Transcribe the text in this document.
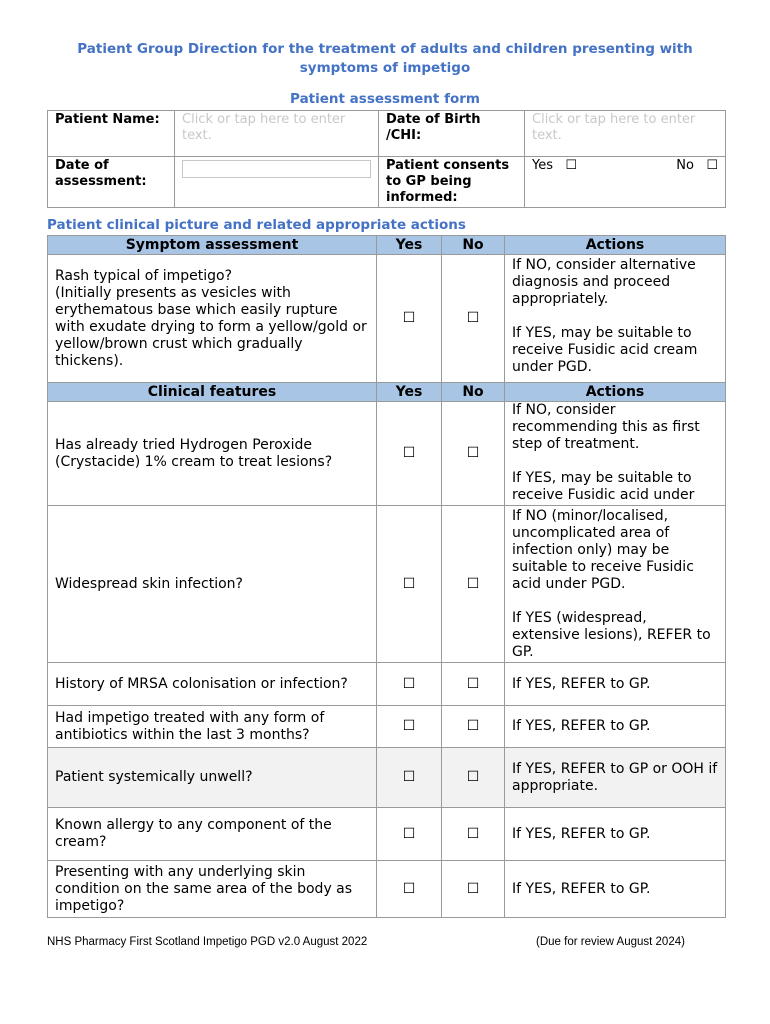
Patient Group Direction for the treatment of adults and children presenting with symptoms of impetigo
Patient assessment form
Patient Name:	Click or tap here to enter text.	Date of Birth /CHI:	Click or tap here to enter text.
Date of assessment:		Patient consents to GP being informed:	Yes ☐ No ☐
Patient clinical picture and related appropriate actions
Symptom assessment	Yes	No	Actions
Rash typical of impetigo?
(Initially presents as vesicles with erythematous base which easily rupture with exudate drying to form a yellow/gold or yellow/brown crust which gradually thickens).	☐	☐	If NO, consider alternative diagnosis and proceed appropriately.

If YES, may be suitable to receive Fusidic acid cream under PGD.
Clinical features	Yes	No	Actions
Has already tried Hydrogen Peroxide (Crystacide) 1% cream to treat lesions?	☐	☐	If NO, consider recommending this as first step of treatment.

If YES, may be suitable to receive Fusidic acid under

Widespread skin infection?	☐	☐	If NO (minor/localised, uncomplicated area of infection only) may be suitable to receive Fusidic acid under PGD.

If YES (widespread, extensive lesions), REFER to GP.
History of MRSA colonisation or infection?	☐	☐	If YES, REFER to GP.
Had impetigo treated with any form of antibiotics within the last 3 months?	☐	☐	If YES, REFER to GP.
Patient systemically unwell?	☐	☐	If YES, REFER to GP or OOH if appropriate.
Known allergy to any component of the cream?	☐	☐	If YES, REFER to GP.
Presenting with any underlying skin condition on the same area of the body as impetigo?	☐	☐	If YES, REFER to GP.
NHS Pharmacy First Scotland Impetigo PGD v2.0 August 2022	(Due for review August 2024)
